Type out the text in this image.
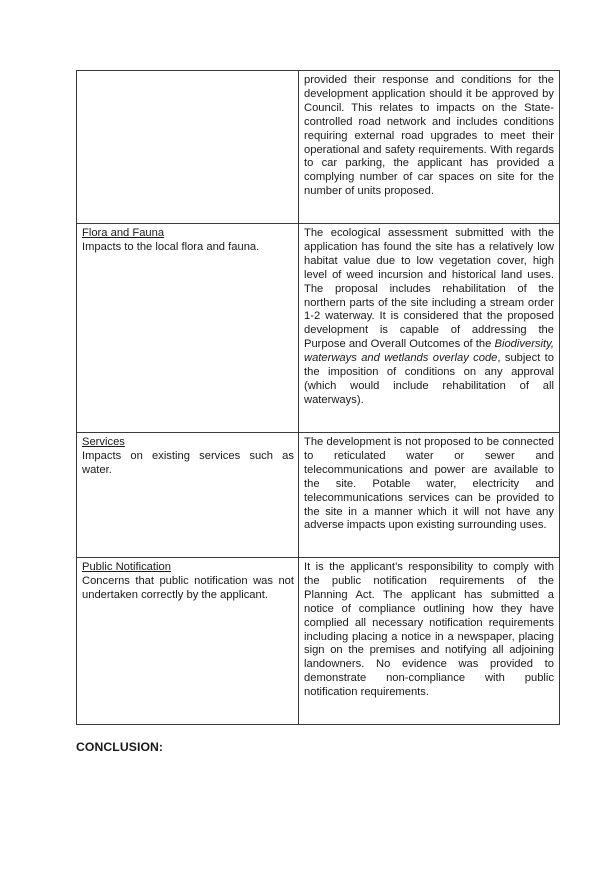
	provided their response and conditions for the development application should it be approved by Council. This relates to impacts on the State-controlled road network and includes conditions requiring external road upgrades to meet their operational and safety requirements. With regards to car parking, the applicant has provided a complying number of car spaces on site for the number of units proposed.

Flora and Fauna
Impacts to the local flora and fauna.	The ecological assessment submitted with the application has found the site has a relatively low habitat value due to low vegetation cover, high level of weed incursion and historical land uses. The proposal includes rehabilitation of the northern parts of the site including a stream order 1-2 waterway. It is considered that the proposed development is capable of addressing the Purpose and Overall Outcomes of the Biodiversity, waterways and wetlands overlay code, subject to the imposition of conditions on any approval (which would include rehabilitation of all waterways).

Services
Impacts on existing services such as water.	The development is not proposed to be connected to reticulated water or sewer and telecommunications and power are available to the site. Potable water, electricity and telecommunications services can be provided to the site in a manner which it will not have any adverse impacts upon existing surrounding uses.

Public Notification
Concerns that public notification was not undertaken correctly by the applicant.	It is the applicant’s responsibility to comply with the public notification requirements of the Planning Act. The applicant has submitted a notice of compliance outlining how they have complied all necessary notification requirements including placing a notice in a newspaper, placing sign on the premises and notifying all adjoining landowners. No evidence was provided to demonstrate non-compliance with public notification requirements.
CONCLUSION:
